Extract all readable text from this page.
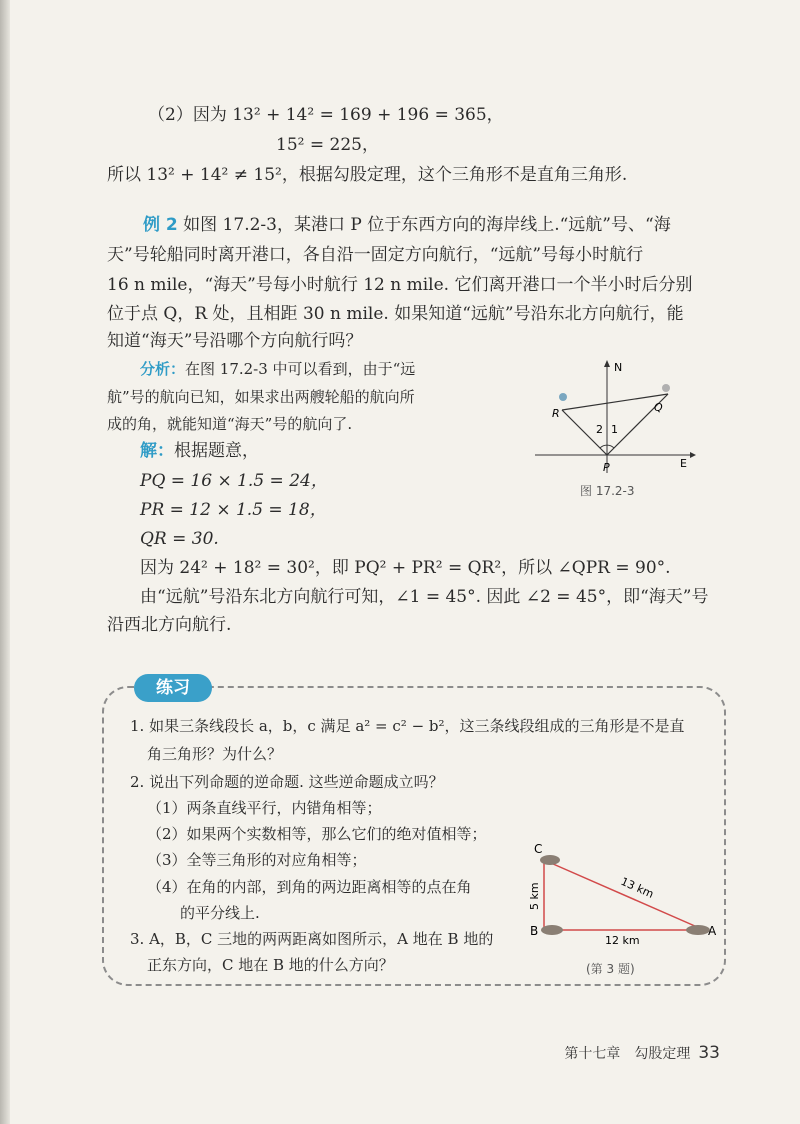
（2）因为 13² + 14² = 169 + 196 = 365，
15² = 225，
所以 13² + 14² ≠ 15²，根据勾股定理，这个三角形不是直角三角形.
例 2 如图 17.2-3，某港口 P 位于东西方向的海岸线上.“远航”号、“海
天”号轮船同时离开港口，各自沿一固定方向航行，“远航”号每小时航行
16 n mile，“海天”号每小时航行 12 n mile. 它们离开港口一个半小时后分别
位于点 Q，R 处，且相距 30 n mile. 如果知道“远航”号沿东北方向航行，能
知道“海天”号沿哪个方向航行吗？
分析：在图 17.2-3 中可以看到，由于“远
航”号的航向已知，如果求出两艘轮船的航向所
成的角，就能知道“海天”号的航向了.
解：根据题意，
PQ = 16 × 1.5 = 24，
PR = 12 × 1.5 = 18，
QR = 30.
因为 24² + 18² = 30²，即 PQ² + PR² = QR²，所以 ∠QPR = 90°.
由“远航”号沿东北方向航行可知，∠1 = 45°. 因此 ∠2 = 45°，即“海天”号
沿西北方向航行.
N
E
P
Q
R
1
2
图 17.2-3
练习
1. 如果三条线段长 a，b，c 满足 a² = c² − b²，这三条线段组成的三角形是不是直
角三角形？为什么？
2. 说出下列命题的逆命题. 这些逆命题成立吗？
（1）两条直线平行，内错角相等；
（2）如果两个实数相等，那么它们的绝对值相等；
（3）全等三角形的对应角相等；
（4）在角的内部，到角的两边距离相等的点在角
的平分线上.
3. A，B，C 三地的两两距离如图所示，A 地在 B 地的
正东方向，C 地在 B 地的什么方向？
C
B	A
5 km
12 km
13 km
(第 3 题)
第十七章　勾股定理 33
